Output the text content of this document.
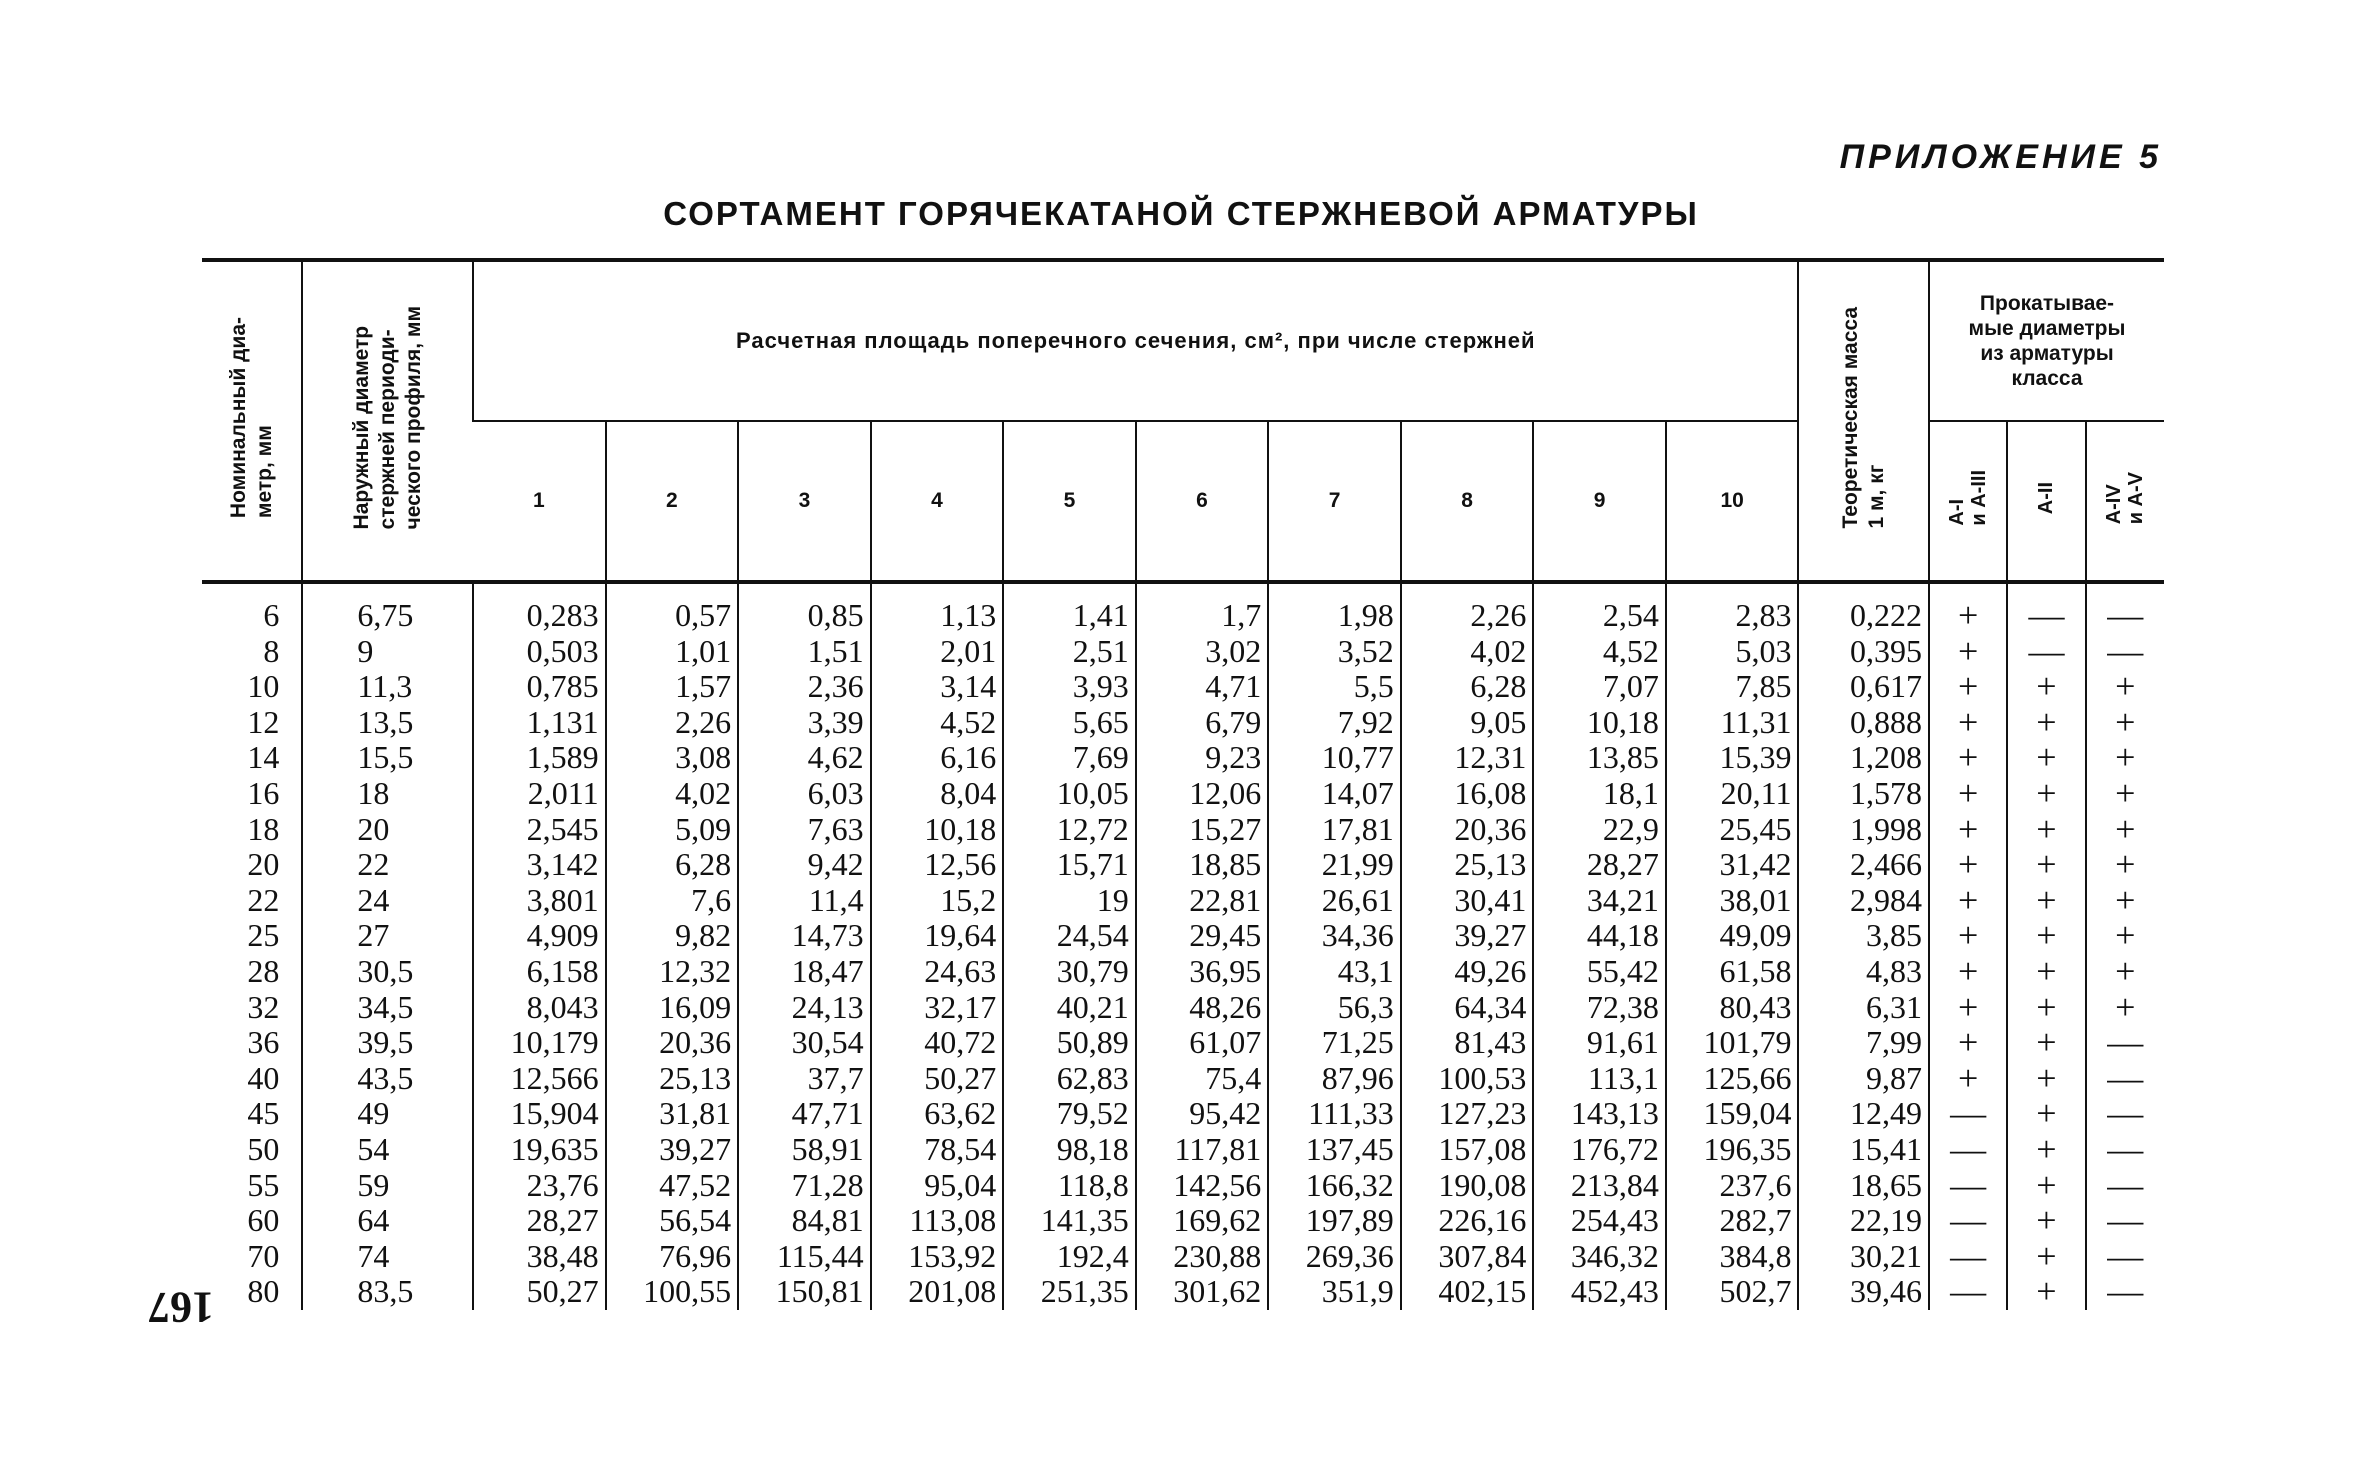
ПРИЛОЖЕНИЕ 5
СОРТАМЕНТ ГОРЯЧЕКАТАНОЙ СТЕРЖНЕВОЙ АРМАТУРЫ
167
Номинальный диа-
метр, мм	Наружный диаметр
стержней периоди-
ческого профиля, мм	Расчетная площадь поперечного сечения, см², при числе стержней										Теоретическая масса
1 м, кг	Прокатывае-
мые диаметры
из арматуры
класса		
		1	2	3	4	5	6	7	8	9	10		А-I
и А-III	А-II	А-IV
и А-V
6	6,75	0,283	0,57	0,85	1,13	1,41	1,7	1,98	2,26	2,54	2,83	0,222	+	—	—
8	9	0,503	1,01	1,51	2,01	2,51	3,02	3,52	4,02	4,52	5,03	0,395	+	—	—
10	11,3	0,785	1,57	2,36	3,14	3,93	4,71	5,5	6,28	7,07	7,85	0,617	+	+	+
12	13,5	1,131	2,26	3,39	4,52	5,65	6,79	7,92	9,05	10,18	11,31	0,888	+	+	+
14	15,5	1,589	3,08	4,62	6,16	7,69	9,23	10,77	12,31	13,85	15,39	1,208	+	+	+
16	18	2,011	4,02	6,03	8,04	10,05	12,06	14,07	16,08	18,1	20,11	1,578	+	+	+
18	20	2,545	5,09	7,63	10,18	12,72	15,27	17,81	20,36	22,9	25,45	1,998	+	+	+
20	22	3,142	6,28	9,42	12,56	15,71	18,85	21,99	25,13	28,27	31,42	2,466	+	+	+
22	24	3,801	7,6	11,4	15,2	19	22,81	26,61	30,41	34,21	38,01	2,984	+	+	+
25	27	4,909	9,82	14,73	19,64	24,54	29,45	34,36	39,27	44,18	49,09	3,85	+	+	+
28	30,5	6,158	12,32	18,47	24,63	30,79	36,95	43,1	49,26	55,42	61,58	4,83	+	+	+
32	34,5	8,043	16,09	24,13	32,17	40,21	48,26	56,3	64,34	72,38	80,43	6,31	+	+	+
36	39,5	10,179	20,36	30,54	40,72	50,89	61,07	71,25	81,43	91,61	101,79	7,99	+	+	—
40	43,5	12,566	25,13	37,7	50,27	62,83	75,4	87,96	100,53	113,1	125,66	9,87	+	+	—
45	49	15,904	31,81	47,71	63,62	79,52	95,42	111,33	127,23	143,13	159,04	12,49	—	+	—
50	54	19,635	39,27	58,91	78,54	98,18	117,81	137,45	157,08	176,72	196,35	15,41	—	+	—
55	59	23,76	47,52	71,28	95,04	118,8	142,56	166,32	190,08	213,84	237,6	18,65	—	+	—
60	64	28,27	56,54	84,81	113,08	141,35	169,62	197,89	226,16	254,43	282,7	22,19	—	+	—
70	74	38,48	76,96	115,44	153,92	192,4	230,88	269,36	307,84	346,32	384,8	30,21	—	+	—
80	83,5	50,27	100,55	150,81	201,08	251,35	301,62	351,9	402,15	452,43	502,7	39,46	—	+	—
